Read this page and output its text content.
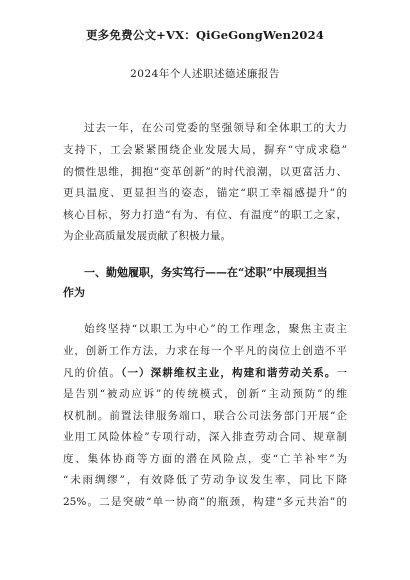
更多免费公文+VX：QiGeGongWen2024
2024年个人述职述德述廉报告
过去一年，在公司党委的坚强领导和全体职工的大力
支持下，工会紧紧围绕企业发展大局，摒弃“守成求稳”
的惯性思维，拥抱“变革创新”的时代浪潮，以更富活力、
更具温度、更显担当的姿态，锚定“职工幸福感提升”的
核心目标，努力打造“有为、有位、有温度”的职工之家，
为企业高质量发展贡献了积极力量。
一、勤勉履职，务实笃行——在“述职”中展现担当
作为
始终坚持“以职工为中心”的工作理念，聚焦主责主
业，创新工作方法，力求在每一个平凡的岗位上创造不平
凡的价值。（一）深耕维权主业，构建和谐劳动关系。一
是告别“被动应诉”的传统模式，创新“主动预防”的维
权机制。前置法律服务端口，联合公司法务部门开展“企
业用工风险体检”专项行动，深入排查劳动合同、规章制
度、集体协商等方面的潜在风险点，变“亡羊补牢”为
“未雨绸缪”，有效降低了劳动争议发生率，同比下降
25%。二是突破“单一协商”的瓶颈，构建“多元共治”的
